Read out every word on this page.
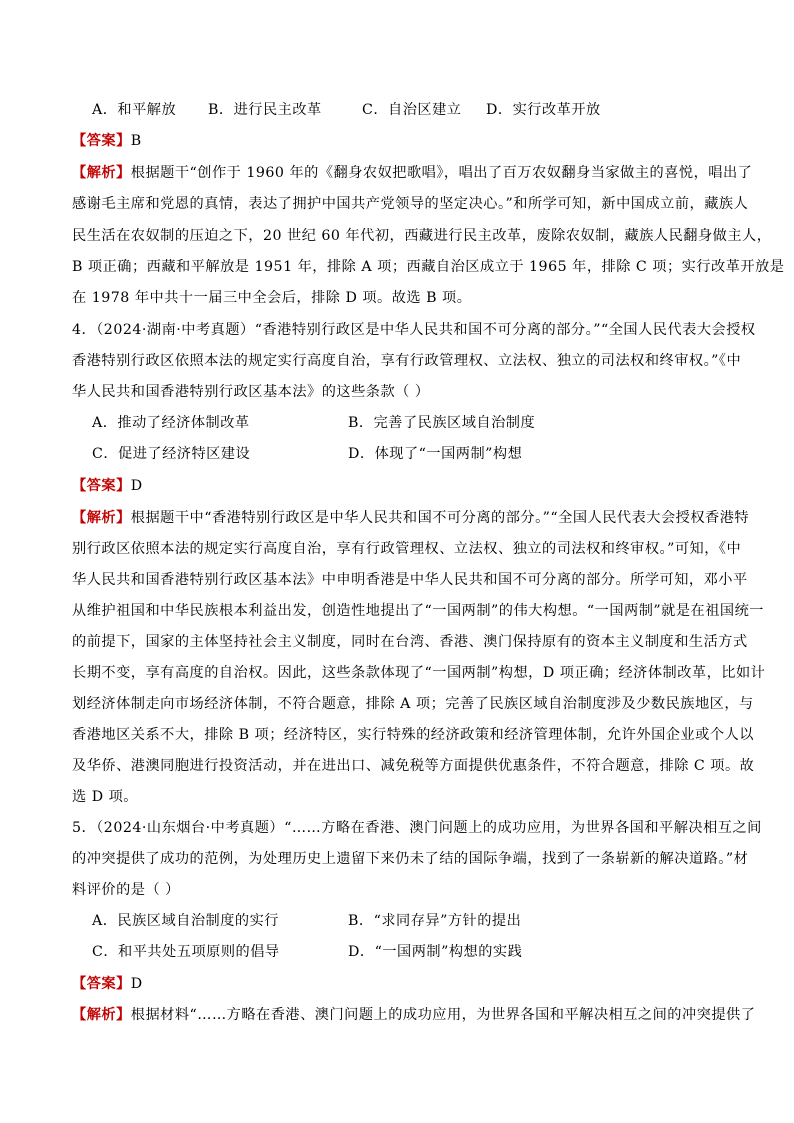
A．和平解放 B．进行民主改革	C．自治区建立 D．实行改革开放
【答案】B
【解析】根据题干“创作于 1960 年的《翻身农奴把歌唱》，唱出了百万农奴翻身当家做主的喜悦，唱出了
感谢毛主席和党恩的真情，表达了拥护中国共产党领导的坚定决心。”和所学可知，新中国成立前，藏族人
民生活在农奴制的压迫之下，20 世纪 60 年代初，西藏进行民主改革，废除农奴制，藏族人民翻身做主人，
B 项正确；西藏和平解放是 1951 年，排除 A 项；西藏自治区成立于 1965 年，排除 C 项；实行改革开放是
在 1978 年中共十一届三中全会后，排除 D 项。故选 B 项。
4．（2024·湖南·中考真题）“香港特别行政区是中华人民共和国不可分离的部分。”“全国人民代表大会授权
香港特别行政区依照本法的规定实行高度自治，享有行政管理权、立法权、独立的司法权和终审权。”《中
华人民共和国香港特别行政区基本法》的这些条款（ ）
A．推动了经济体制改革	B．完善了民族区域自治制度
C．促进了经济特区建设	D．体现了“一国两制”构想
【答案】D
【解析】根据题干中“香港特别行政区是中华人民共和国不可分离的部分。”“全国人民代表大会授权香港特
别行政区依照本法的规定实行高度自治，享有行政管理权、立法权、独立的司法权和终审权。”可知，《中
华人民共和国香港特别行政区基本法》中申明香港是中华人民共和国不可分离的部分。所学可知，邓小平
从维护祖国和中华民族根本利益出发，创造性地提出了“一国两制”的伟大构想。“一国两制”就是在祖国统一
的前提下，国家的主体坚持社会主义制度，同时在台湾、香港、澳门保持原有的资本主义制度和生活方式
长期不变，享有高度的自治权。因此，这些条款体现了“一国两制”构想，D 项正确；经济体制改革，比如计
划经济体制走向市场经济体制，不符合题意，排除 A 项；完善了民族区域自治制度涉及少数民族地区，与
香港地区关系不大，排除 B 项；经济特区，实行特殊的经济政策和经济管理体制，允许外国企业或个人以
及华侨、港澳同胞进行投资活动，并在进出口、减免税等方面提供优惠条件，不符合题意，排除 C 项。故
选 D 项。
5．（2024·山东烟台·中考真题）“……方略在香港、澳门问题上的成功应用，为世界各国和平解决相互之间
的冲突提供了成功的范例，为处理历史上遗留下来仍未了结的国际争端，找到了一条崭新的解决道路。”材
料评价的是（ ）
A．民族区域自治制度的实行	B．“求同存异”方针的提出
C．和平共处五项原则的倡导	D．“一国两制”构想的实践
【答案】D
【解析】根据材料“……方略在香港、澳门问题上的成功应用，为世界各国和平解决相互之间的冲突提供了
